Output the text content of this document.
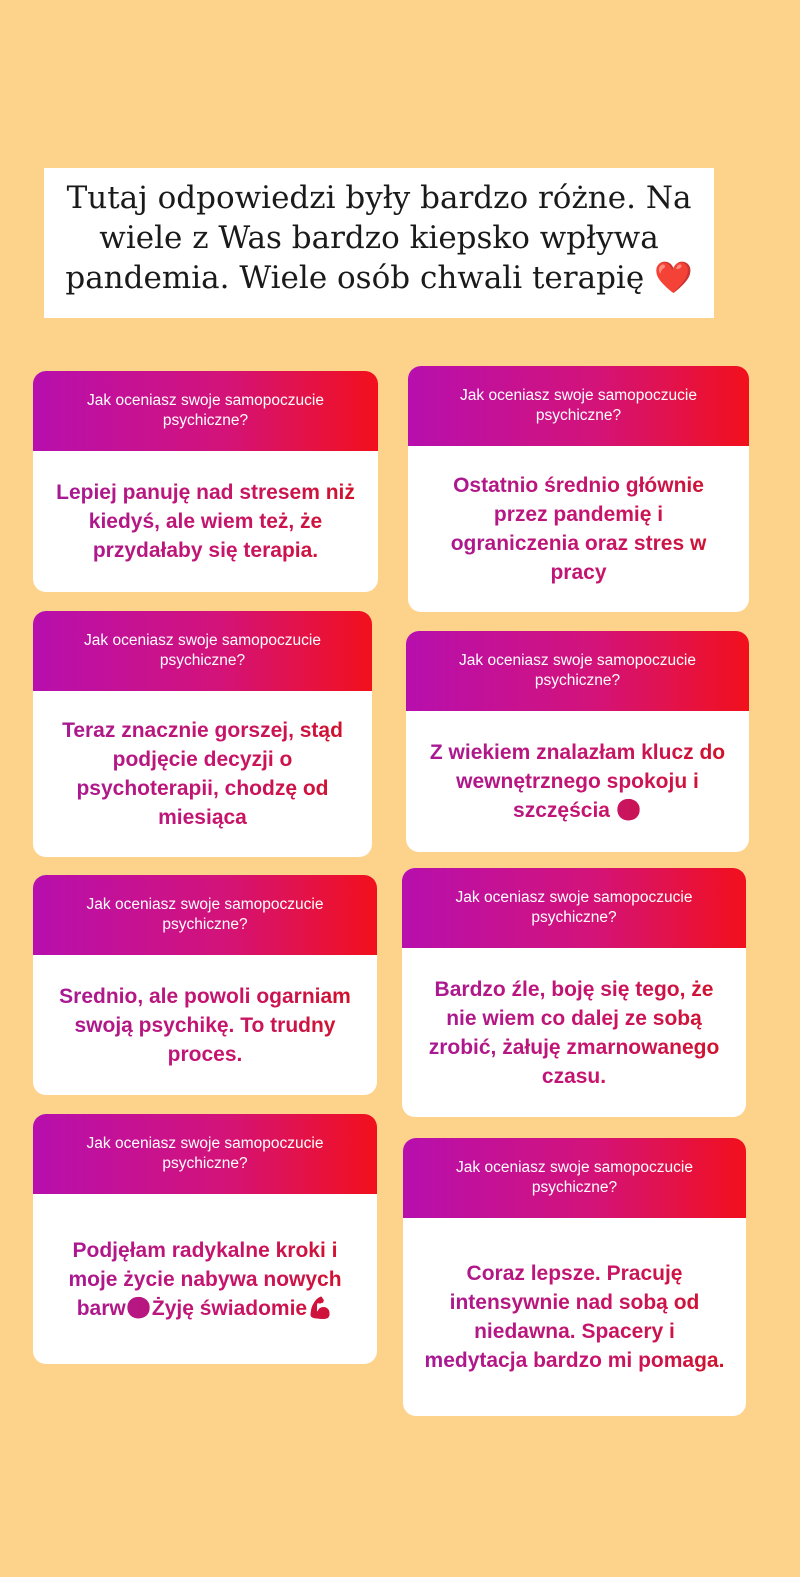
Tutaj odpowiedzi były bardzo różne. Na wiele z Was bardzo kiepsko wpływa pandemia. Wiele osób chwali terapię ❤️
Jak oceniasz swoje samopoczucie psychiczne?
Lepiej panuję nad stresem niż kiedyś, ale wiem też, że przydałaby się terapia.
Jak oceniasz swoje samopoczucie psychiczne?
Teraz znacznie gorszej, stąd podjęcie decyzji o psychoterapii, chodzę od miesiąca
Jak oceniasz swoje samopoczucie psychiczne?
Srednio, ale powoli ogarniam swoją psychikę. To trudny proces.
Jak oceniasz swoje samopoczucie psychiczne?
Podjęłam radykalne kroki i moje życie nabywa nowych barw🙂Żyję świadomie💪
Jak oceniasz swoje samopoczucie psychiczne?
Ostatnio średnio głównie przez pandemię i ograniczenia oraz stres w pracy
Jak oceniasz swoje samopoczucie psychiczne?
Z wiekiem znalazłam klucz do wewnętrznego spokoju i szczęścia 😊
Jak oceniasz swoje samopoczucie psychiczne?
Bardzo źle, boję się tego, że nie wiem co dalej ze sobą zrobić, żałuję zmarnowanego czasu.
Jak oceniasz swoje samopoczucie psychiczne?
Coraz lepsze. Pracuję intensywnie nad sobą od niedawna. Spacery i medytacja bardzo mi pomaga.
